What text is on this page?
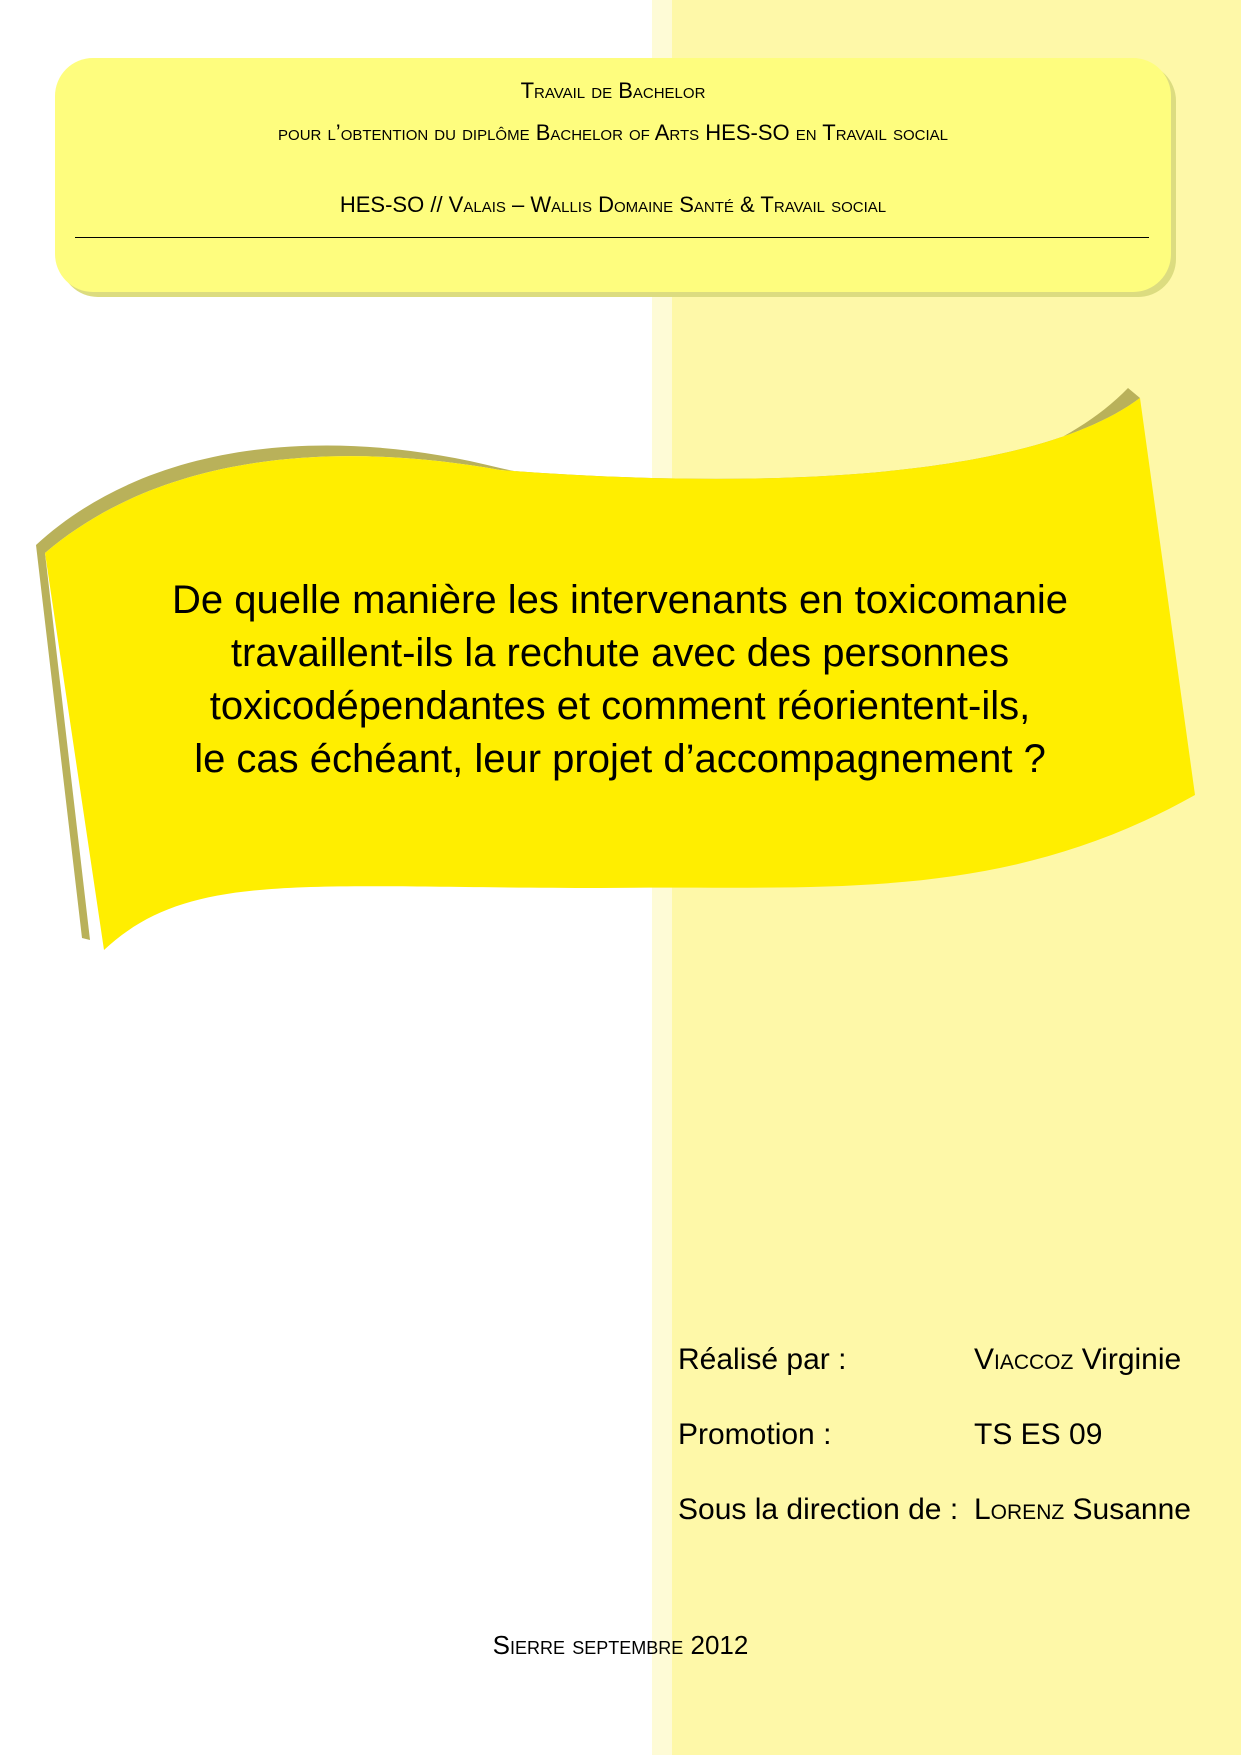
Travail de Bachelor
pour l’obtention du diplôme Bachelor of Arts HES-SO en Travail social
HES-SO // Valais – Wallis Domaine Santé & Travail social
De quelle manière les intervenants en toxicomanie
travaillent-ils la rechute avec des personnes
toxicodépendantes et comment réorientent-ils,
le cas échéant, leur projet d’accompagnement ?
Réalisé par :	Viaccoz Virginie
Promotion :	TS ES 09
Sous la direction de : Lorenz Susanne
Sierre septembre 2012
